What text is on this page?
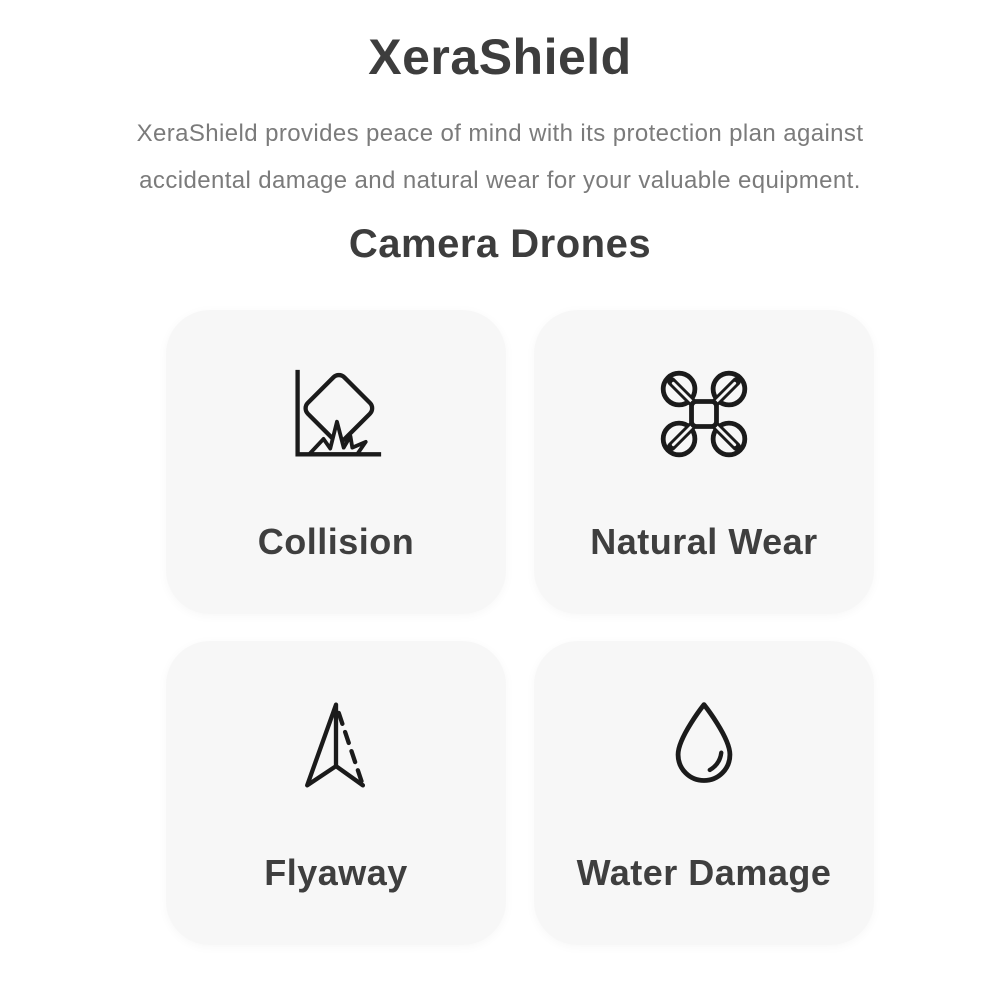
XeraShield

XeraShield provides peace of mind with its protection plan against
accidental damage and natural wear for your valuable equipment.

Camera Drones
Collision	Natural Wear
Flyaway	Water Damage
